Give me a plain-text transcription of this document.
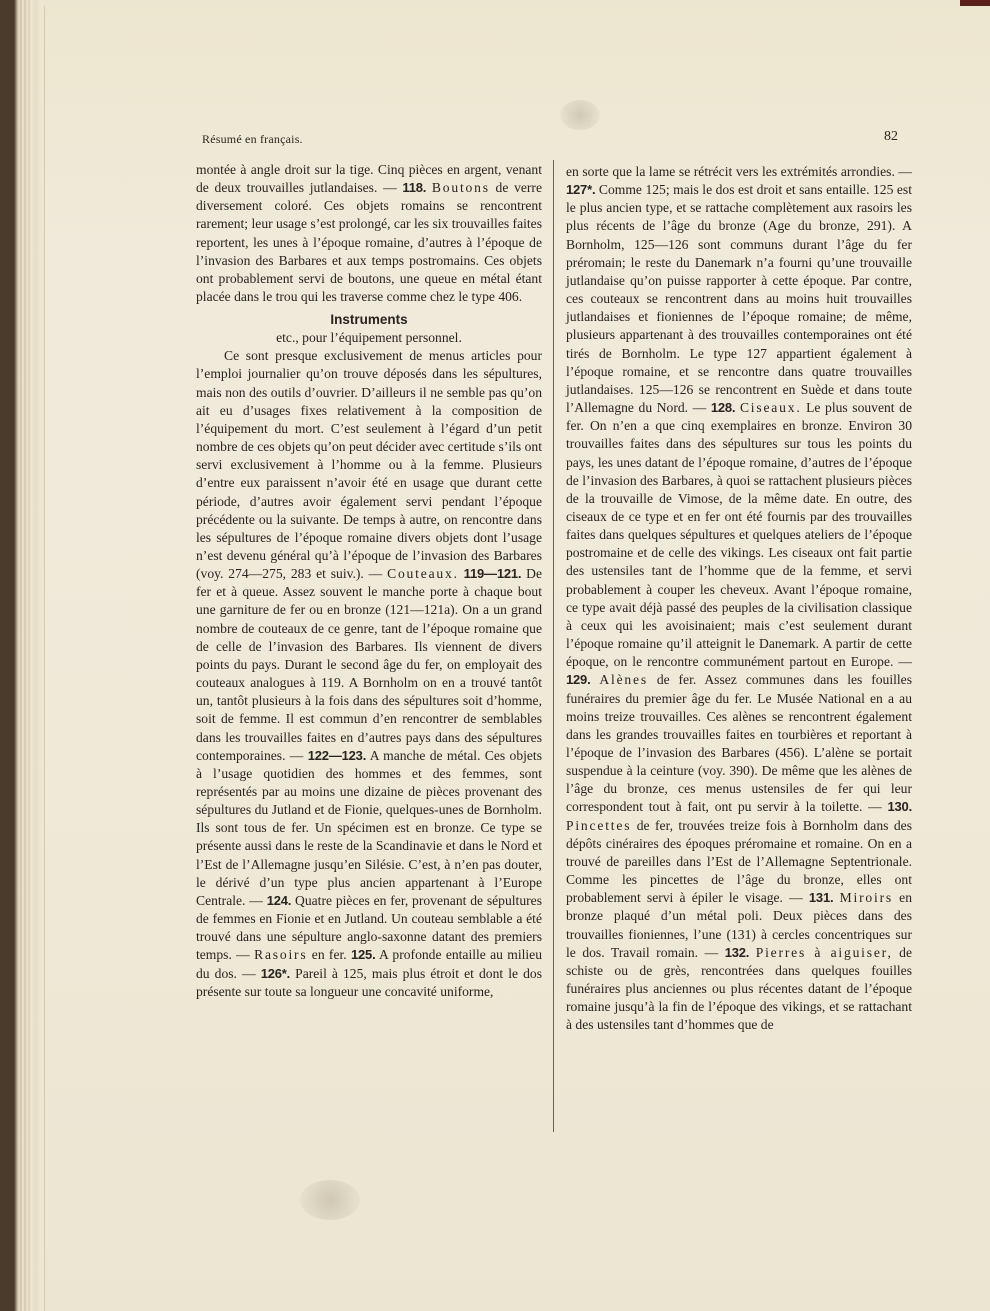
Résumé en français.	82

montée à angle droit sur la tige. Cinq pièces en argent, venant de deux trouvailles jutlandaises. — 118. Boutons de verre diversement coloré. Ces objets romains se rencontrent rarement; leur usage s’est prolongé, car les six trouvailles faites reportent, les unes à l’époque romaine, d’autres à l’époque de l’invasion des Barbares et aux temps postromains. Ces objets ont probablement servi de boutons, une queue en métal étant placée dans le trou qui les traverse comme chez le type 406.

Instruments
etc., pour l’équipement personnel.

Ce sont presque exclusivement de menus articles pour l’emploi journalier qu’on trouve déposés dans les sépultures, mais non des outils d’ouvrier. D’ailleurs il ne semble pas qu’on ait eu d’usages fixes relativement à la composition de l’équipement du mort. C’est seulement à l’égard d’un petit nombre de ces objets qu’on peut décider avec certitude s’ils ont servi exclusivement à l’homme ou à la femme. Plusieurs d’entre eux paraissent n’avoir été en usage que durant cette période, d’autres avoir également servi pendant l’époque précédente ou la suivante. De temps à autre, on rencontre dans les sépultures de l’époque romaine divers objets dont l’usage n’est devenu général qu’à l’époque de l’invasion des Barbares (voy. 274—275, 283 et suiv.). — Couteaux. 119—121. De fer et à queue. Assez souvent le manche porte à chaque bout une garniture de fer ou en bronze (121—121a). On a un grand nombre de couteaux de ce genre, tant de l’époque romaine que de celle de l’invasion des Barbares. Ils viennent de divers points du pays. Durant le second âge du fer, on employait des couteaux analogues à 119. A Bornholm on en a trouvé tantôt un, tantôt plusieurs à la fois dans des sépultures soit d’homme, soit de femme. Il est commun d’en rencontrer de semblables dans les trouvailles faites en d’autres pays dans des sépultures contemporaines. — 122—123. A manche de métal. Ces objets à l’usage quotidien des hommes et des femmes, sont représentés par au moins une dizaine de pièces provenant des sépultures du Jutland et de Fionie, quelques-unes de Bornholm. Ils sont tous de fer. Un spécimen est en bronze. Ce type se présente aussi dans le reste de la Scandinavie et dans le Nord et l’Est de l’Allemagne jusqu’en Silésie. C’est, à n’en pas douter, le dérivé d’un type plus ancien appartenant à l’Europe Centrale. — 124. Quatre pièces en fer, provenant de sépultures de femmes en Fionie et en Jutland. Un couteau semblable a été trouvé dans une sépulture anglo-saxonne datant des premiers temps. — Rasoirs en fer. 125. A profonde entaille au milieu du dos. — 126*. Pareil à 125, mais plus étroit et dont le dos présente sur toute sa longueur une concavité uniforme,

en sorte que la lame se rétrécit vers les extrémités arrondies. — 127*. Comme 125; mais le dos est droit et sans entaille. 125 est le plus ancien type, et se rattache complètement aux rasoirs les plus récents de l’âge du bronze (Age du bronze, 291). A Bornholm, 125—126 sont communs durant l’âge du fer préromain; le reste du Danemark n’a fourni qu’une trouvaille jutlandaise qu’on puisse rapporter à cette époque. Par contre, ces couteaux se rencontrent dans au moins huit trouvailles jutlandaises et fioniennes de l’époque romaine; de même, plusieurs appartenant à des trouvailles contemporaines ont été tirés de Bornholm. Le type 127 appartient également à l’époque romaine, et se rencontre dans quatre trouvailles jutlandaises. 125—126 se rencontrent en Suède et dans toute l’Allemagne du Nord. — 128. Ciseaux. Le plus souvent de fer. On n’en a que cinq exemplaires en bronze. Environ 30 trouvailles faites dans des sépultures sur tous les points du pays, les unes datant de l’époque romaine, d’autres de l’époque de l’invasion des Barbares, à quoi se rattachent plusieurs pièces de la trouvaille de Vimose, de la même date. En outre, des ciseaux de ce type et en fer ont été fournis par des trouvailles faites dans quelques sépultures et quelques ateliers de l’époque postromaine et de celle des vikings. Les ciseaux ont fait partie des ustensiles tant de l’homme que de la femme, et servi probablement à couper les cheveux. Avant l’époque romaine, ce type avait déjà passé des peuples de la civilisation classique à ceux qui les avoisinaient; mais c’est seulement durant l’époque romaine qu’il atteignit le Danemark. A partir de cette époque, on le rencontre communément partout en Europe. — 129. Alènes de fer. Assez communes dans les fouilles funéraires du premier âge du fer. Le Musée National en a au moins treize trouvailles. Ces alènes se rencontrent également dans les grandes trouvailles faites en tourbières et reportant à l’époque de l’invasion des Barbares (456). L’alène se portait suspendue à la ceinture (voy. 390). De même que les alènes de l’âge du bronze, ces menus ustensiles de fer qui leur correspondent tout à fait, ont pu servir à la toilette. — 130. Pincettes de fer, trouvées treize fois à Bornholm dans des dépôts cinéraires des époques préromaine et romaine. On en a trouvé de pareilles dans l’Est de l’Allemagne Septentrionale. Comme les pincettes de l’âge du bronze, elles ont probablement servi à épiler le visage. — 131. Miroirs en bronze plaqué d’un métal poli. Deux pièces dans des trouvailles fioniennes, l’une (131) à cercles concentriques sur le dos. Travail romain. — 132. Pierres à aiguiser, de schiste ou de grès, rencontrées dans quelques fouilles funéraires plus anciennes ou plus récentes datant de l’époque romaine jusqu’à la fin de l’époque des vikings, et se rattachant à des ustensiles tant d’hommes que de
